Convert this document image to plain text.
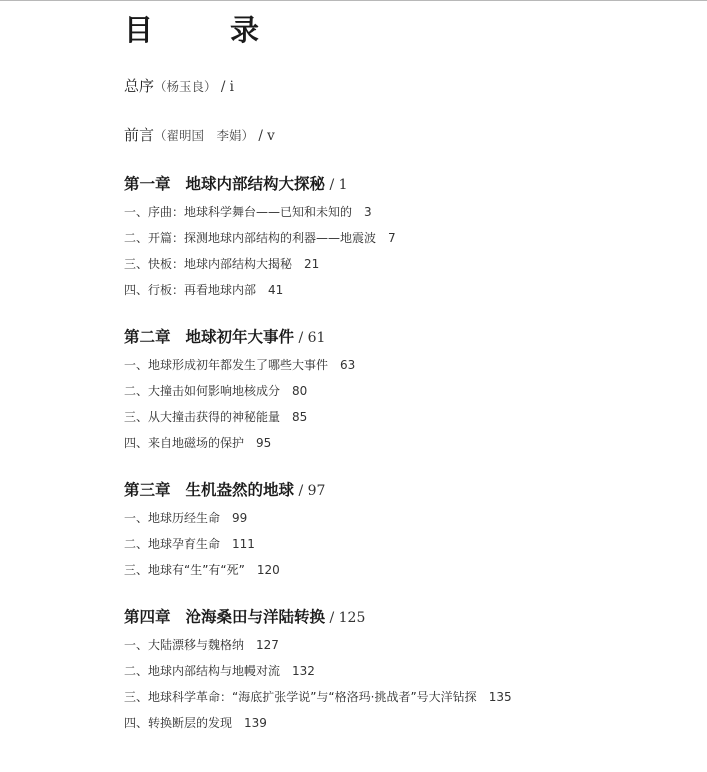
目　录
总序（杨玉良） / i
前言（翟明国　李娟） / v
第一章 地球内部结构大探秘 / 1
一、序曲：地球科学舞台——已知和未知的 3
二、开篇：探测地球内部结构的利器——地震波 7
三、快板：地球内部结构大揭秘 21
四、行板：再看地球内部 41
第二章 地球初年大事件 / 61
一、地球形成初年都发生了哪些大事件 63
二、大撞击如何影响地核成分 80
三、从大撞击获得的神秘能量 85
四、来自地磁场的保护 95
第三章 生机盎然的地球 / 97
一、地球历经生命 99
二、地球孕育生命 111
三、地球有“生”有“死” 120
第四章 沧海桑田与洋陆转换 / 125
一、大陆漂移与魏格纳 127
二、地球内部结构与地幔对流 132
三、地球科学革命：“海底扩张学说”与“格洛玛·挑战者”号大洋钻探 135
四、转换断层的发现 139
